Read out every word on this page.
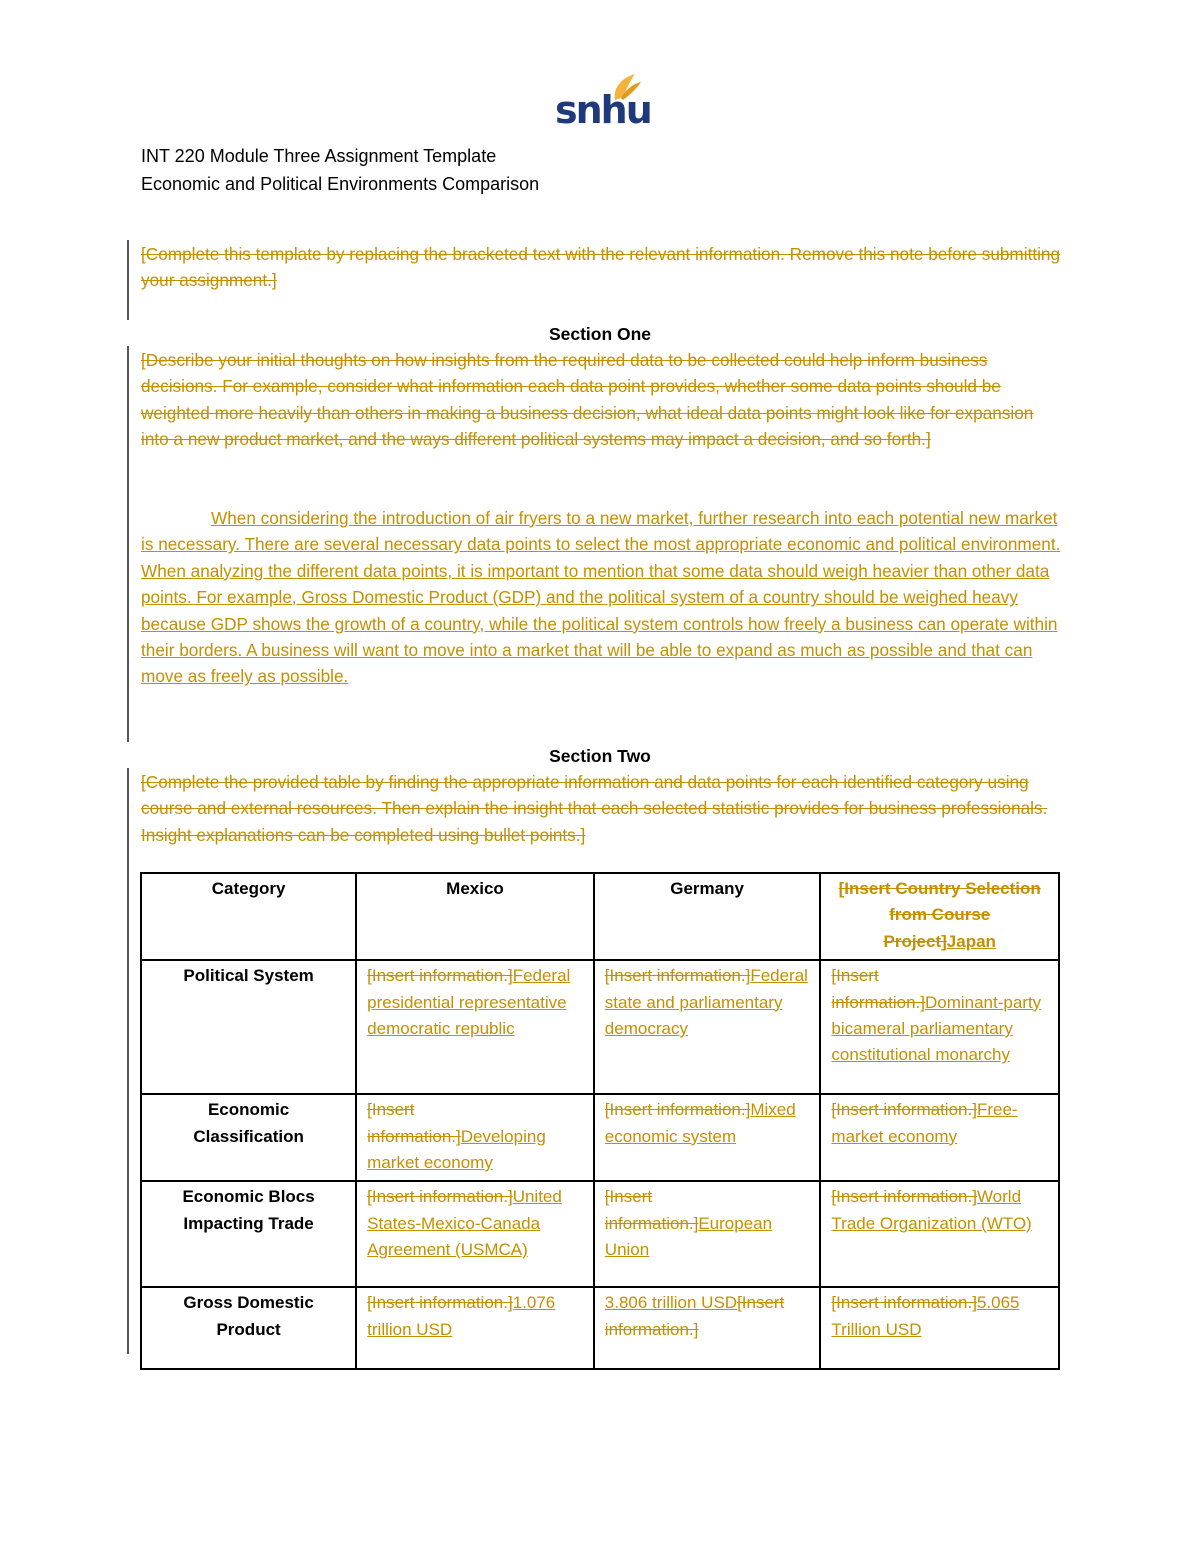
snhu
INT 220 Module Three Assignment Template
Economic and Political Environments Comparison
[Complete this template by replacing the bracketed text with the relevant information. Remove this note before submitting your assignment.]
Section One
[Describe your initial thoughts on how insights from the required data to be collected could help inform business decisions. For example, consider what information each data point provides, whether some data points should be weighted more heavily than others in making a business decision, what ideal data points might look like for expansion into a new product market, and the ways different political systems may impact a decision, and so forth.]
When considering the introduction of air fryers to a new market, further research into each potential new market is necessary. There are several necessary data points to select the most appropriate economic and political environment. When analyzing the different data points, it is important to mention that some data should weigh heavier than other data points. For example, Gross Domestic Product (GDP) and the political system of a country should be weighed heavy because GDP shows the growth of a country, while the political system controls how freely a business can operate within their borders. A business will want to move into a market that will be able to expand as much as possible and that can move as freely as possible.
Section Two
[Complete the provided table by finding the appropriate information and data points for each identified category using course and external resources. Then explain the insight that each selected statistic provides for business professionals. Insight explanations can be completed using bullet points.]
Category	Mexico	Germany	[Insert Country Selection from Course Project]Japan
Political System	[Insert information.]Federal presidential representative democratic republic	[Insert information.]Federal state and parliamentary democracy	[Insert information.]Dominant-party bicameral parliamentary constitutional monarchy
Economic Classification	[Insert information.]Developing market economy	[Insert information.]Mixed economic system	[Insert information.]Free-market economy
Economic Blocs Impacting Trade	[Insert information.]United States-Mexico-Canada Agreement (USMCA)	[Insert information.]European Union	[Insert information.]World Trade Organization (WTO)
Gross Domestic Product	[Insert information.]1.076 trillion USD	3.806 trillion USD[Insert information.]	[Insert information.]5.065 Trillion USD
